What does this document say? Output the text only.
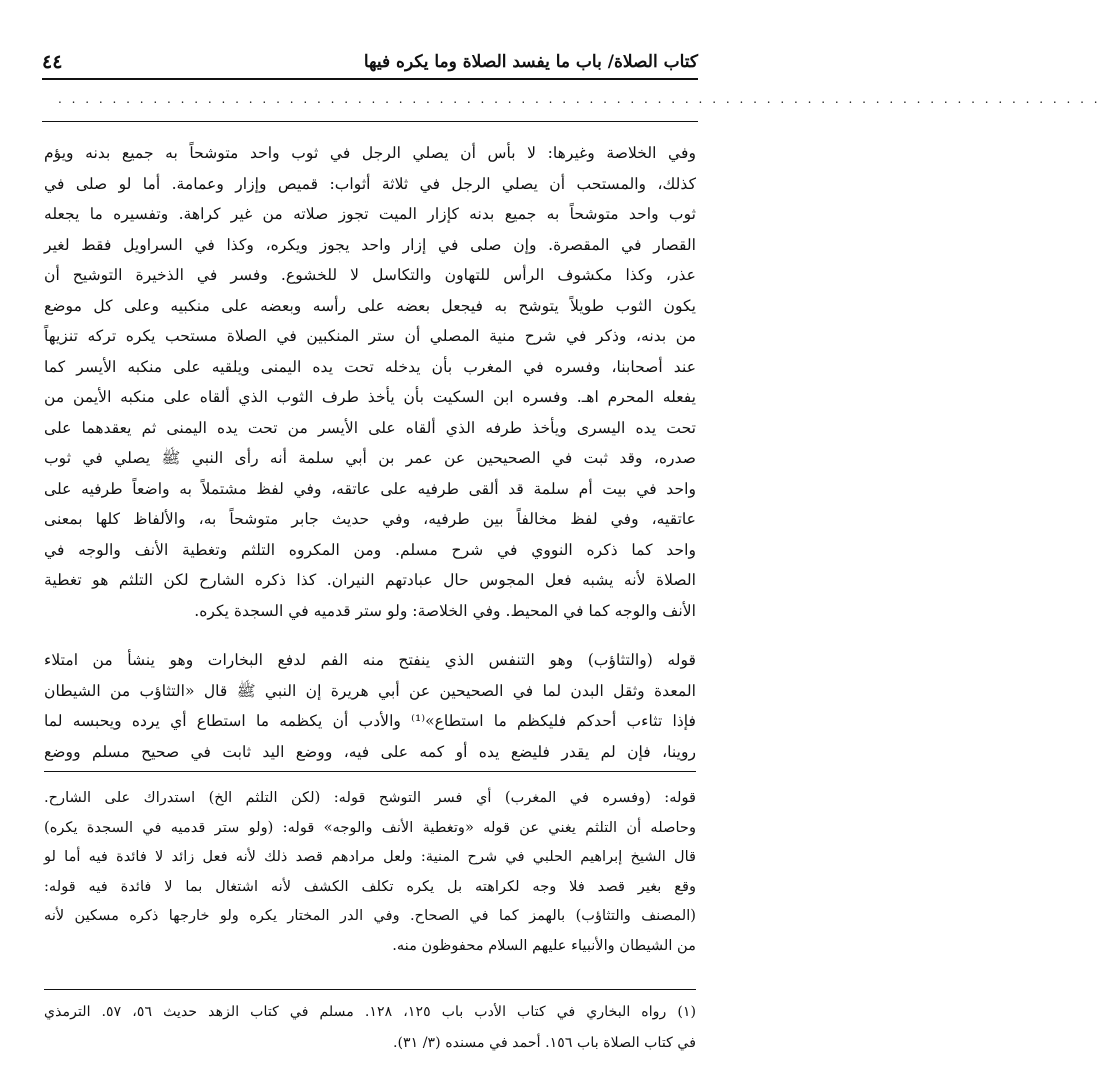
كتاب الصلاة/ باب ما يفسد الصلاة وما يكره فيها
٤٤
. . . . . . . . . . . . . . . . . . . . . . . . . . . . . . . . . . . . . . . . . . . . . . . . . . . . . . . . . . . . . . . . . . . . . . . . . . . . .
وفي الخلاصة وغيرها: لا بأس أن يصلي الرجل في ثوب واحد متوشحاً به جميع بدنه ويؤم
كذلك، والمستحب أن يصلي الرجل في ثلاثة أثواب: قميص وإزار وعمامة. أما لو صلى في
ثوب واحد متوشحاً به جميع بدنه كإزار الميت تجوز صلاته من غير كراهة. وتفسيره ما يجعله
القصار في المقصرة. وإن صلى في إزار واحد يجوز ويكره، وكذا في السراويل فقط لغير
عذر، وكذا مكشوف الرأس للتهاون والتكاسل لا للخشوع. وفسر في الذخيرة التوشيح أن
يكون الثوب طويلاً يتوشح به فيجعل بعضه على رأسه وبعضه على منكبيه وعلى كل موضع
من بدنه، وذكر في شرح منية المصلي أن ستر المنكبين في الصلاة مستحب يكره تركه تنزيهاً
عند أصحابنا، وفسره في المغرب بأن يدخله تحت يده اليمنى ويلقيه على منكبه الأيسر كما
يفعله المحرم اهـ. وفسره ابن السكيت بأن يأخذ طرف الثوب الذي ألقاه على منكبه الأيمن من
تحت يده اليسرى ويأخذ طرفه الذي ألقاه على الأيسر من تحت يده اليمنى ثم يعقدهما على
صدره، وقد ثبت في الصحيحين عن عمر بن أبي سلمة أنه رأى النبي ﷺ يصلي في ثوب
واحد في بيت أم سلمة قد ألقى طرفيه على عاتقه، وفي لفظ مشتملاً به واضعاً طرفيه على
عاتقيه، وفي لفظ مخالفاً بين طرفيه، وفي حديث جابر متوشحاً به، والألفاظ كلها بمعنى
واحد كما ذكره النووي في شرح مسلم. ومن المكروه التلثم وتغطية الأنف والوجه في
الصلاة لأنه يشبه فعل المجوس حال عبادتهم النيران. كذا ذكره الشارح لكن التلثم هو تغطية
الأنف والوجه كما في المحيط. وفي الخلاصة: ولو ستر قدميه في السجدة يكره.
قوله (والتثاؤب) وهو التنفس الذي ينفتح منه الفم لدفع البخارات وهو ينشأ من امتلاء
المعدة وثقل البدن لما في الصحيحين عن أبي هريرة إن النبي ﷺ قال «التثاؤب من الشيطان
فإذا تثاءب أحدكم فليكظم ما استطاع»⁽¹⁾ والأدب أن يكظمه ما استطاع أي يرده ويحبسه لما
روينا، فإن لم يقدر فليضع يده أو كمه على فيه، ووضع اليد ثابت في صحيح مسلم ووضع
قوله: (وفسره في المغرب) أي فسر التوشح قوله: (لكن التلثم الخ) استدراك على الشارح.
وحاصله أن التلثم يغني عن قوله «وتغطية الأنف والوجه» قوله: (ولو ستر قدميه في السجدة يكره)
قال الشيخ إبراهيم الحلبي في شرح المنية: ولعل مرادهم قصد ذلك لأنه فعل زائد لا فائدة فيه أما لو
وقع بغير قصد فلا وجه لكراهته بل يكره تكلف الكشف لأنه اشتغال بما لا فائدة فيه قوله:
(المصنف والتثاؤب) بالهمز كما في الصحاح. وفي الدر المختار يكره ولو خارجها ذكره مسكين لأنه
من الشيطان والأنبياء عليهم السلام محفوظون منه.
(١) رواه البخاري في كتاب الأدب باب ١٢٥، ١٢٨. مسلم في كتاب الزهد حديث ٥٦، ٥٧. الترمذي
في كتاب الصلاة باب ١٥٦. أحمد في مسنده (٣/ ٣١).
